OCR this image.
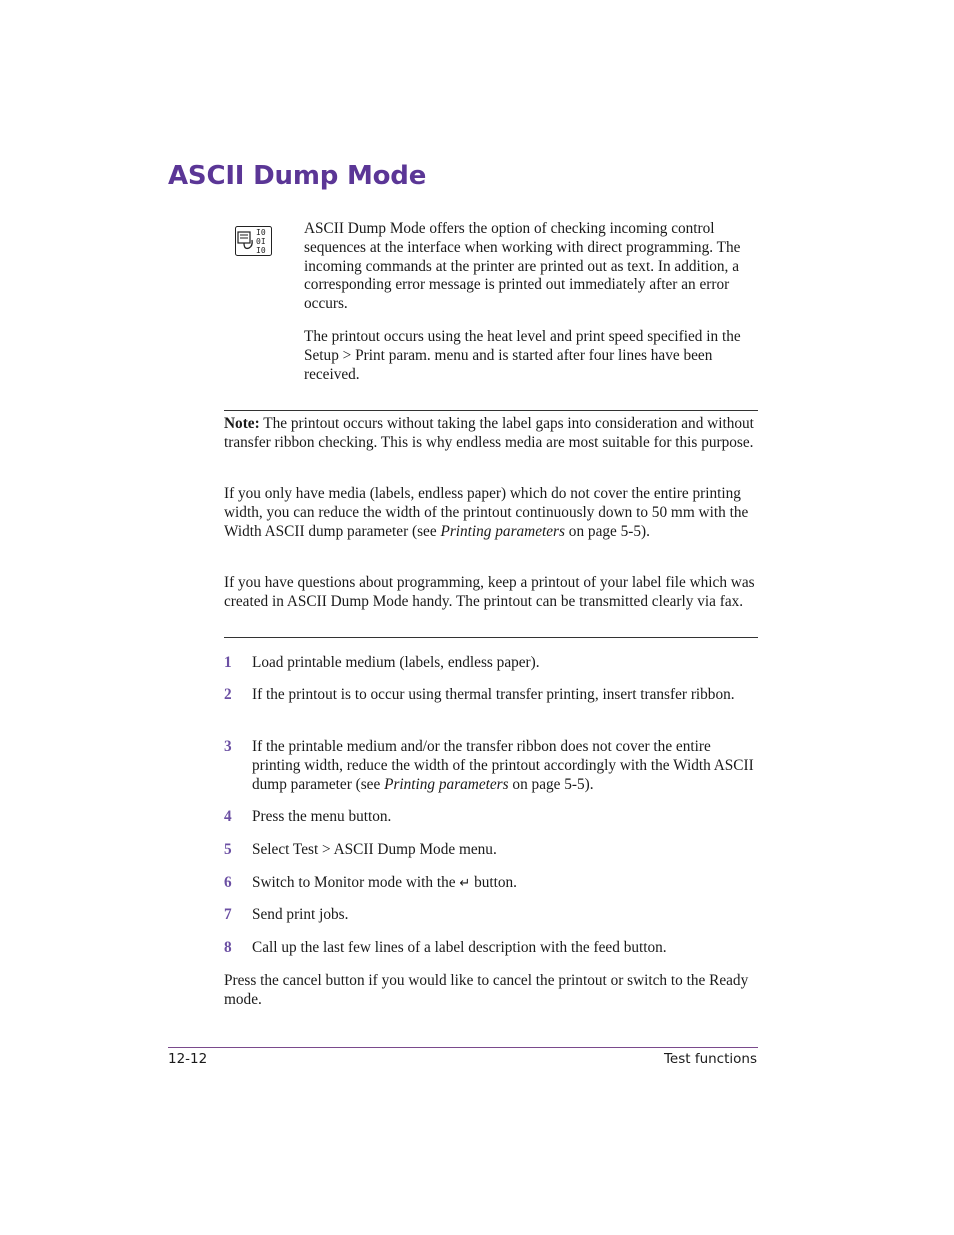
ASCII Dump Mode
I0
0I
I0

ASCII Dump Mode offers the option of checking incoming control sequences at the interface when working with direct programming. The incoming commands at the printer are printed out as text. In addition, a corresponding error message is printed out immediately after an error occurs.

The printout occurs using the heat level and print speed specified in the Setup > Print param. menu and is started after four lines have been received.

Note: The printout occurs without taking the label gaps into consideration and without transfer ribbon checking. This is why endless media are most suitable for this purpose.

If you only have media (labels, endless paper) which do not cover the entire printing width, you can reduce the width of the printout continuously down to 50 mm with the Width ASCII dump parameter (see Printing parameters on page 5-5).

If you have questions about programming, keep a printout of your label file which was created in ASCII Dump Mode handy. The printout can be transmitted clearly via fax.

1	Load printable medium (labels, endless paper).

2	If the printout is to occur using thermal transfer printing, insert transfer ribbon.

3	If the printable medium and/or the transfer ribbon does not cover the entire printing width, reduce the width of the printout accordingly with the Width ASCII dump parameter (see Printing parameters on page 5-5).

4	Press the menu button.

5	Select Test > ASCII Dump Mode menu.

6	Switch to Monitor mode with the ↵ button.

7	Send print jobs.

8	Call up the last few lines of a label description with the feed button.

Press the cancel button if you would like to cancel the printout or switch to the Ready mode.

12-12	Test functions
